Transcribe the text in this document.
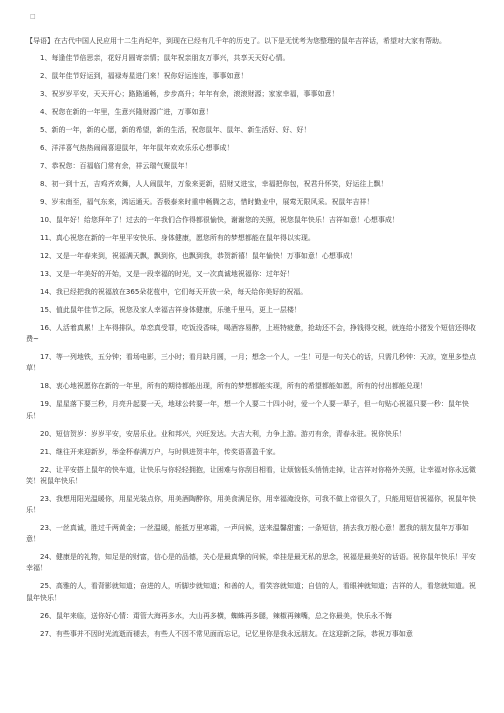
□

【导语】在古代中国人民应用十二生肖纪年，到现在已经有几千年的历史了。以下是无忧考为您整理的鼠年吉祥话，希望对大家有帮助。

1、每逢佳节倍思亲，花好月圆寄亲情；鼠年祝亲朋友万事兴，共享天天好心情。

2、鼠年佳节好运到，福禄寿星进门来！祝你好运连连，事事如意！

3、祝岁岁平安，天天开心；路路通畅，步步高升；年年有余，滚滚财源；家家幸福，事事如意！

4、祝您在新的一年里，生意兴隆财源广进，万事如意！

5、新的一年，新的心愿，新的希望，新的生活，祝您鼠年、鼠年、新生活好、好、好！

6、洋洋喜气热热闹闹喜迎鼠年，年年鼠年欢欢乐乐心想事成！

7、恭祝您：百福临门常有余，祥云瑞气聚鼠年！

8、初一到十五，吉鸡齐欢舞，人人闹鼠年，万象来更新，招财又进宝，幸福把你包，祝君升怀笑，好运往上飘！

9、岁末南至，福气东来，鸿运通天。否极泰来时重申畅腾之志，惜时勤业中，展莺无限风采。祝鼠年吉祥！

10、鼠年好！给您拜年了！过去的一年我们合作得都很愉快，谢谢您的关照，祝您鼠年快乐！吉祥如意！心想事成！

11、真心祝您在新的一年里平安快乐、身体健康，愿您所有的梦想都能在鼠年得以实现。

12、又是一年春来到，祝福满天飘，飘到你，也飘到我，恭贺新禧！鼠年愉快！万事如意！心想事成！

13、又是一年美好的开始，又是一段幸福的时光，又一次真诚地祝福你：过年好！

14、我已经把我的祝福放在365朵花苞中，它们每天开放一朵，每天给你美好的祝福。

15、值此鼠年佳节之际，祝您及家人幸福吉祥身体健康，乐驰千里马，更上一层楼！

16、人活着真累！上车得排队，单恋真受罪，吃饭没香味，喝酒容易醉，上班特疲惫，抢劫还不会，挣钱得交税，就连给小猪发个短信还得收费~

17、等一列地铁，五分钟；看场电影，三小时；看月缺月圆，一月；想念一个人，一生！可是一句关心的话，只需几秒钟：天凉，宽里多垫点草！

18、衷心地祝愿你在新的一年里，所有的期待都能出现，所有的梦想都能实现，所有的希望都能如愿，所有的付出都能兑现！

19、星星落下要三秒，月亮升起要一天，地球公转要一年，想一个人要二十四小时，爱一个人要一辈子，但一句贴心祝福只要一秒：鼠年快乐！

20、短信贺岁：岁岁平安，安居乐业。业和邦兴，兴旺发达。大吉大利，力争上游。游刃有余，青春永驻。祝你快乐！

21、继往开来迎新岁，举金杯春满万户，与时俱进贺丰年，传奖语喜盈千家。

22、让平安搭上鼠年的快车道，让快乐与你轻轻拥抱，让困难与你刮目相看，让烦恼低头悄悄走掉，让吉祥对你格外关照，让幸福对你永远微笑！祝鼠年快乐！

23、我想用阳光温暖你，用星光装点你，用美酒陶醉你，用美食满足你，用幸福淹没你，可我不做上帝很久了，只能用短信祝福你，祝鼠年快乐！

23、一丝真诚，胜过千两黄金；一丝温暖，能抵万里寒霜，一声问候，送来温馨甜蜜；一条短信，捎去我万般心意！愿我的朋友鼠年万事如意！

24、健康是的礼物，知足是的财富，信心是的品德，关心是最真挚的问候，牵挂是最无私的思念，祝福是最美好的话语。祝你鼠年快乐！平安幸福！

25、高雅的人，看背影就知道；奋进的人，听脚步就知道；和善的人，看笑容就知道；自信的人，看眼神就知道；吉祥的人，看您就知道。祝鼠年快乐！

26、鼠年来临，送你好心情：甭管大海再多水，大山再多横，蜘蛛再多腿，辣椒再辣嘴，总之你最美，快乐永不悔

27、有些事并不因时光流逝而褪去，有些人不因不常见面而忘记，记忆里你是我永远朋友。在这迎新之际，恭祝万事如意
